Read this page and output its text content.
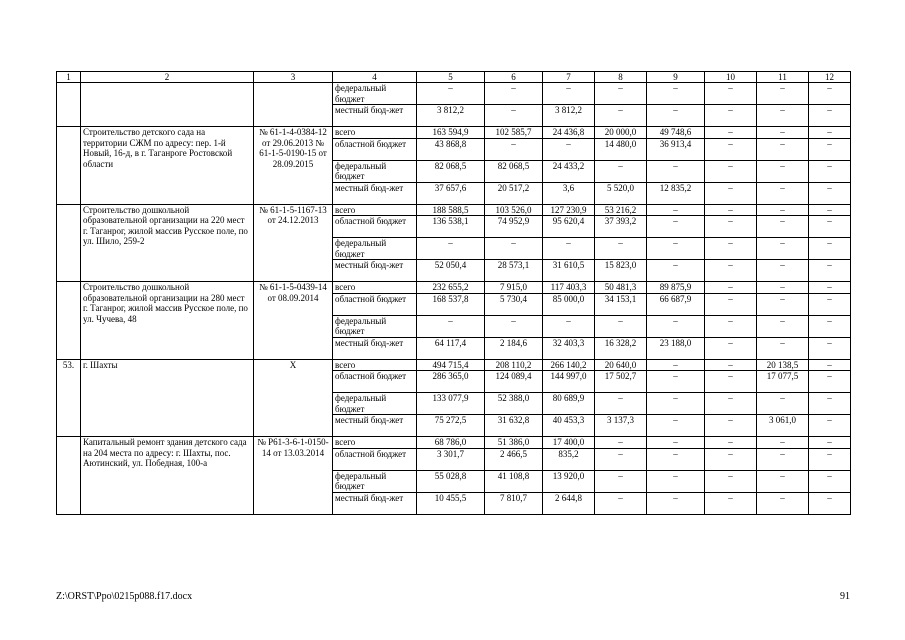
1	2	3	4	5	6	7	8	9	10	11	12
			федеральный бюджет	–	–	–	–	–	–	–	–
			местный бюд-жет	3 812,2	–	3 812,2	–	–	–	–	–
	Строительство детского сада на территории СЖМ по адресу: пер. 1-й Новый, 16-д, в г. Таганроге Ростовской области	№ 61-1-4-0384-12 от 29.06.2013 № 61-1-5-0190-15 от 28.09.2015	всего	163 594,9	102 585,7	24 436,8	20 000,0	49 748,6	–	–	–
			областной бюджет	43 868,8	–	–	14 480,0	36 913,4	–	–	–
			федеральный бюджет	82 068,5	82 068,5	24 433,2	–	–	–	–	–
			местный бюд-жет	37 657,6	20 517,2	3,6	5 520,0	12 835,2	–	–	–
	Строительство дошкольной образовательной организации на 220 мест г. Таганрог, жилой массив Русское поле, по ул. Шило, 259-2	№ 61-1-5-1167-13 от 24.12.2013	всего	188 588,5	103 526,0	127 230,9	53 216,2	–	–	–	–
			областной бюджет	136 538,1	74 952,9	95 620,4	37 393,2	–	–	–	–
			федеральный бюджет	–	–	–	–	–	–	–	–
			местный бюд-жет	52 050,4	28 573,1	31 610,5	15 823,0	–	–	–	–
	Строительство дошкольной образовательной организации на 280 мест г. Таганрог, жилой массив Русское поле, по ул. Чучева, 48	№ 61-1-5-0439-14 от 08.09.2014	всего	232 655,2	7 915,0	117 403,3	50 481,3	89 875,9	–	–	–
			областной бюджет	168 537,8	5 730,4	85 000,0	34 153,1	66 687,9	–	–	–
			федеральный бюджет	–	–	–	–	–	–	–	–
			местный бюд-жет	64 117,4	2 184,6	32 403,3	16 328,2	23 188,0	–	–	–
53.	г. Шахты	Х	всего	494 715,4	208 110,2	266 140,2	20 640,0	–	–	20 138,5	–
			областной бюджет	286 365,0	124 089,4	144 997,0	17 502,7	–	–	17 077,5	–
			федеральный бюджет	133 077,9	52 388,0	80 689,9	–	–	–	–	–
			местный бюд-жет	75 272,5	31 632,8	40 453,3	3 137,3	–	–	3 061,0	–
	Капитальный ремонт здания детского сада на 204 места по адресу: г. Шахты, пос. Аютинский, ул. Победная, 100-а	№ Р61-3-6-1-0150-14 от 13.03.2014	всего	68 786,0	51 386,0	17 400,0	–	–	–	–	–
			областной бюджет	3 301,7	2 466,5	835,2	–	–	–	–	–
			федеральный бюджет	55 028,8	41 108,8	13 920,0	–	–	–	–	–
			местный бюд-жет	10 455,5	7 810,7	2 644,8	–	–	–	–	–
Z:\ORST\Ppo\0215p088.f17.docx	91
